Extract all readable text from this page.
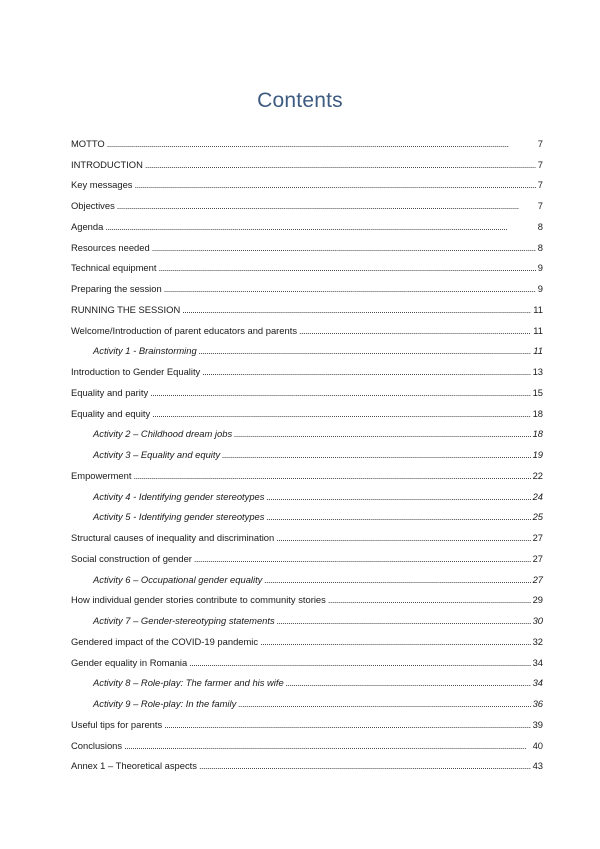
Contents
MOTTO . . .	7
INTRODUCTION . . .	7
Key messages . . .	7
Objectives . . .	7
Agenda . . .	8
Resources needed . . .	8
Technical equipment . . .	9
Preparing the session . . .	9
RUNNING THE SESSION . . .	11
Welcome/Introduction of parent educators and parents . . .	11
Activity 1 - Brainstorming . . .	11
Introduction to Gender Equality . . .	13
Equality and parity . . .	15
Equality and equity . . .	18
Activity 2 – Childhood dream jobs . . .	18
Activity 3 – Equality and equity . . .	19
Empowerment . . .	22
Activity 4 - Identifying gender stereotypes . . .	24
Activity 5 - Identifying gender stereotypes . . .	25
Structural causes of inequality and discrimination . . .	27
Social construction of gender . . .	27
Activity 6 – Occupational gender equality . . .	27
How individual gender stories contribute to community stories . . .	29
Activity 7 – Gender-stereotyping statements . . .	30
Gendered impact of the COVID-19 pandemic . . .	32
Gender equality in Romania . . .	34
Activity 8 – Role-play: The farmer and his wife . . .	34
Activity 9 – Role-play: In the family . . .	36
Useful tips for parents . . .	39
Conclusions . . .	40
Annex 1 – Theoretical aspects . . .	43
